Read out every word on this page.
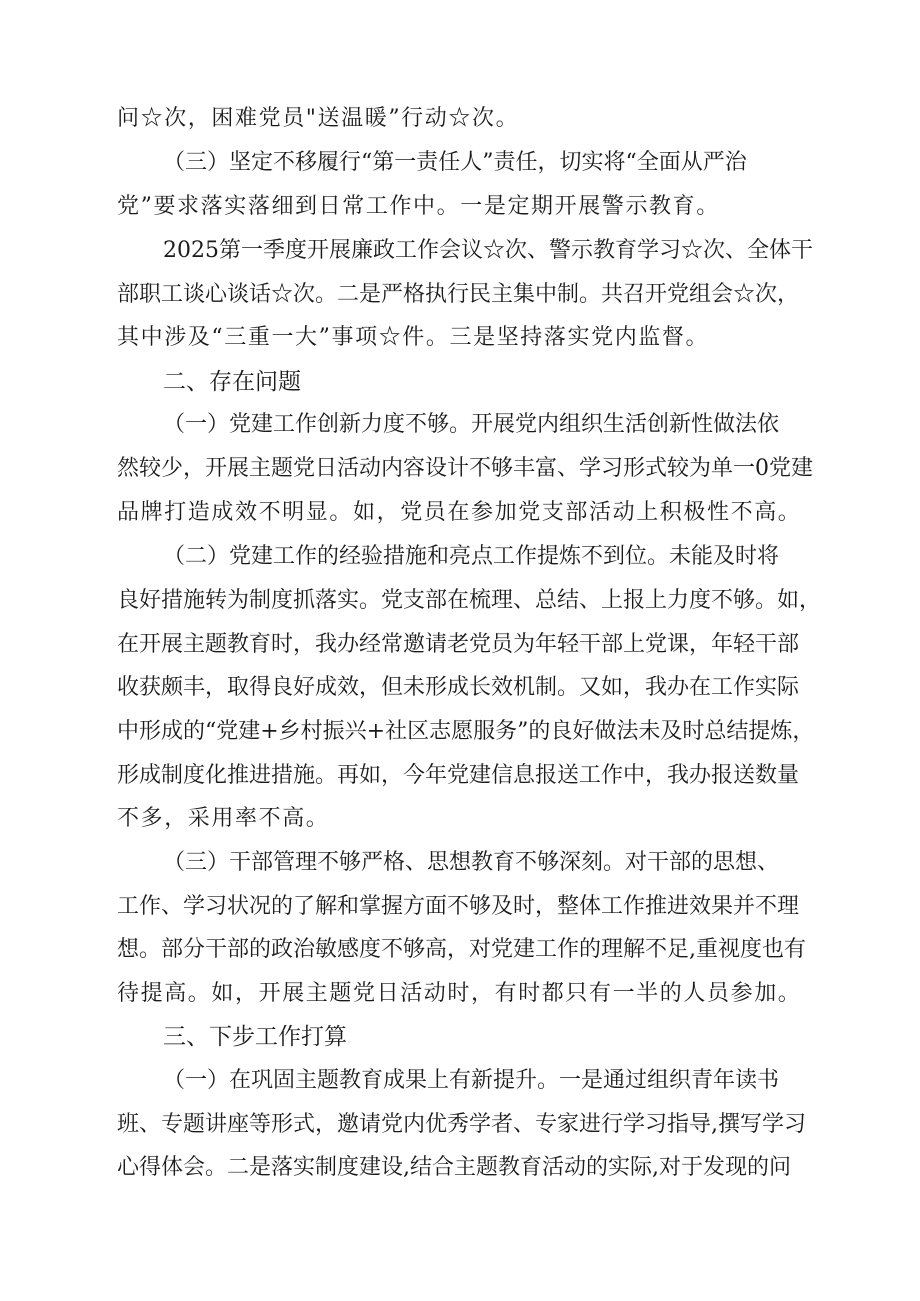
问☆次，困难党员"送温暖”行动☆次。
（三）坚定不移履行“第一责任人”责任，切实将“全面从严治
党”要求落实落细到日常工作中。一是定期开展警示教育。
2025第一季度开展廉政工作会议☆次、警示教育学习☆次、全体干
部职工谈心谈话☆次。二是严格执行民主集中制。共召开党组会☆次，
其中涉及“三重一大”事项☆件。三是坚持落实党内监督。
二、存在问题
（一）党建工作创新力度不够。开展党内组织生活创新性做法依
然较少，开展主题党日活动内容设计不够丰富、学习形式较为单一0党建
品牌打造成效不明显。如，党员在参加党支部活动上积极性不高。
（二）党建工作的经验措施和亮点工作提炼不到位。未能及时将
良好措施转为制度抓落实。党支部在梳理、总结、上报上力度不够。如，
在开展主题教育时，我办经常邀请老党员为年轻干部上党课，年轻干部
收获颇丰，取得良好成效，但未形成长效机制。又如，我办在工作实际
中形成的“党建+乡村振兴+社区志愿服务”的良好做法未及时总结提炼，
形成制度化推进措施。再如，今年党建信息报送工作中，我办报送数量
不多，采用率不高。
（三）干部管理不够严格、思想教育不够深刻。对干部的思想、
工作、学习状况的了解和掌握方面不够及时，整体工作推进效果并不理
想。部分干部的政治敏感度不够高，对党建工作的理解不足,重视度也有
待提高。如，开展主题党日活动时，有时都只有一半的人员参加。
三、下步工作打算
（一）在巩固主题教育成果上有新提升。一是通过组织青年读书
班、专题讲座等形式，邀请党内优秀学者、专家进行学习指导,撰写学习
心得体会。二是落实制度建设,结合主题教育活动的实际,对于发现的问
